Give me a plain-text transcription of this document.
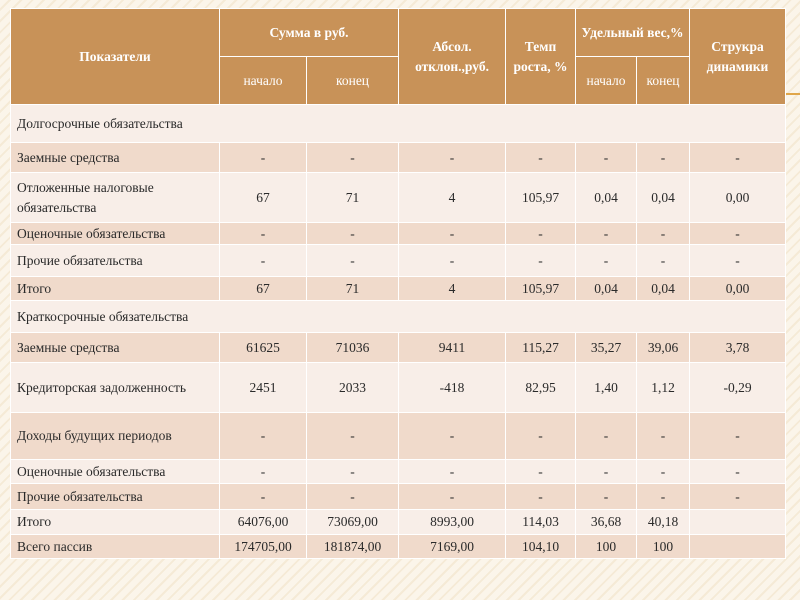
Показатели	Сумма в руб.		Абсол. отклон.,руб.	Темп роста, %	Удельный вес,%		Струкра динамики
	начало	конец			начало	конец	
Долгосрочные обязательства							
Заемные средства	-	-	-	-	-	-	-
Отложенные налоговые обязательства	67	71	4	105,97	0,04	0,04	0,00
Оценочные обязательства	-	-	-	-	-	-	-
Прочие обязательства	-	-	-	-	-	-	-
Итого	67	71	4	105,97	0,04	0,04	0,00
Краткосрочные обязательства							
Заемные средства	61625	71036	9411	115,27	35,27	39,06	3,78
Кредиторская задолженность	2451	2033	-418	82,95	1,40	1,12	-0,29
Доходы будущих периодов	-	-	-	-	-	-	-
Оценочные обязательства	-	-	-	-	-	-	-
Прочие обязательства	-	-	-	-	-	-	-
Итого	64076,00	73069,00	8993,00	114,03	36,68	40,18	
Всего пассив	174705,00	181874,00	7169,00	104,10	100	100	
